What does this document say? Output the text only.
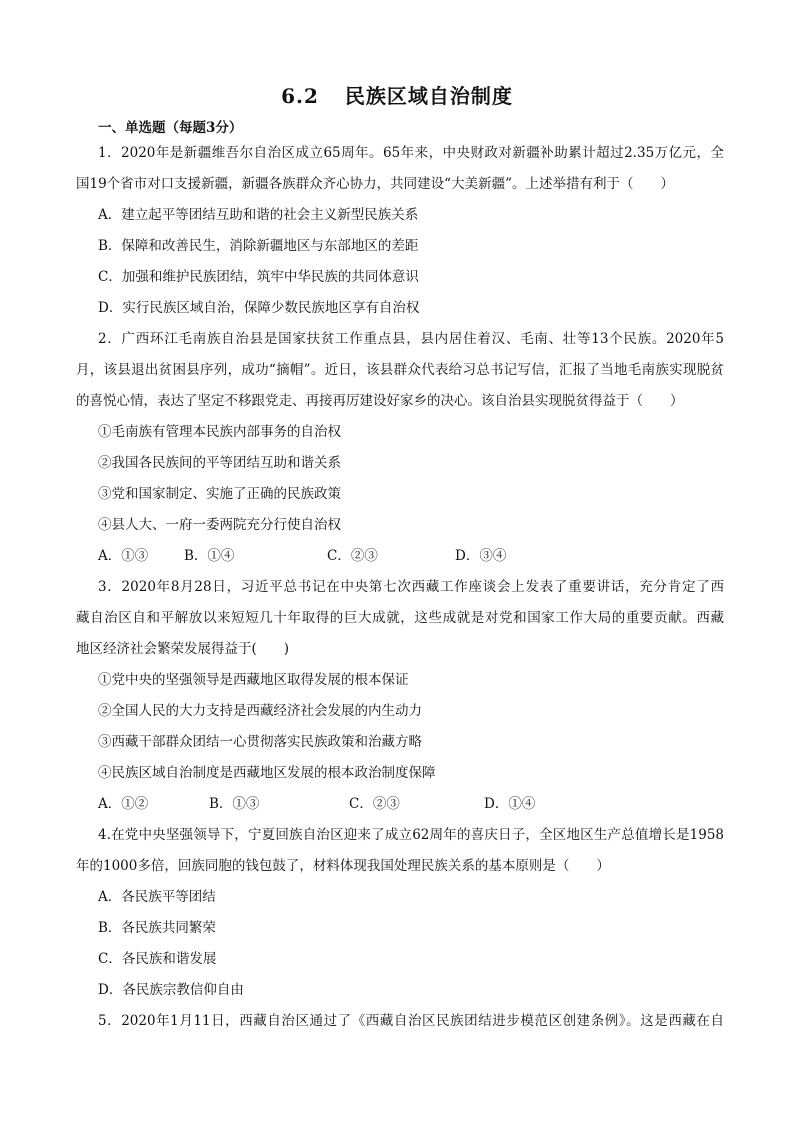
6.2 民族区域自治制度
一、单选题（每题3分）
1．2020年是新疆维吾尔自治区成立65周年。65年来，中央财政对新疆补助累计超过2.35万亿元，全
国19个省市对口支援新疆，新疆各族群众齐心协力，共同建设“大美新疆”。上述举措有利于（　　）
A．建立起平等团结互助和谐的社会主义新型民族关系
B．保障和改善民生，消除新疆地区与东部地区的差距
C．加强和维护民族团结，筑牢中华民族的共同体意识
D．实行民族区域自治，保障少数民族地区享有自治权
2．广西环江毛南族自治县是国家扶贫工作重点县，县内居住着汉、毛南、壮等13个民族。2020年5
月，该县退出贫困县序列，成功“摘帽”。近日，该县群众代表给习总书记写信，汇报了当地毛南族实现脱贫
的喜悦心情，表达了坚定不移跟党走、再接再厉建设好家乡的决心。该自治县实现脱贫得益于（　　）
①毛南族有管理本民族内部事务的自治权
②我国各民族间的平等团结互助和谐关系
③党和国家制定、实施了正确的民族政策
④县人大、一府一委两院充分行使自治权
A．①③	B．①④	C．②③	D．③④
3．2020年8月28日，习近平总书记在中央第七次西藏工作座谈会上发表了重要讲话，充分肯定了西
藏自治区自和平解放以来短短几十年取得的巨大成就，这些成就是对党和国家工作大局的重要贡献。西藏
地区经济社会繁荣发展得益于(　　)
①党中央的坚强领导是西藏地区取得发展的根本保证
②全国人民的大力支持是西藏经济社会发展的内生动力
③西藏干部群众团结一心贯彻落实民族政策和治藏方略
④民族区域自治制度是西藏地区发展的根本政治制度保障
A．①②	B．①③	C．②③	D．①④
4.在党中央坚强领导下，宁夏回族自治区迎来了成立62周年的喜庆日子，全区地区生产总值增长是1958
年的1000多倍，回族同胞的钱包鼓了，材料体现我国处理民族关系的基本原则是（　　）
A．各民族平等团结
B．各民族共同繁荣
C．各民族和谐发展
D．各民族宗教信仰自由
5．2020年1月11日，西藏自治区通过了《西藏自治区民族团结进步模范区创建条例》。这是西藏在自
